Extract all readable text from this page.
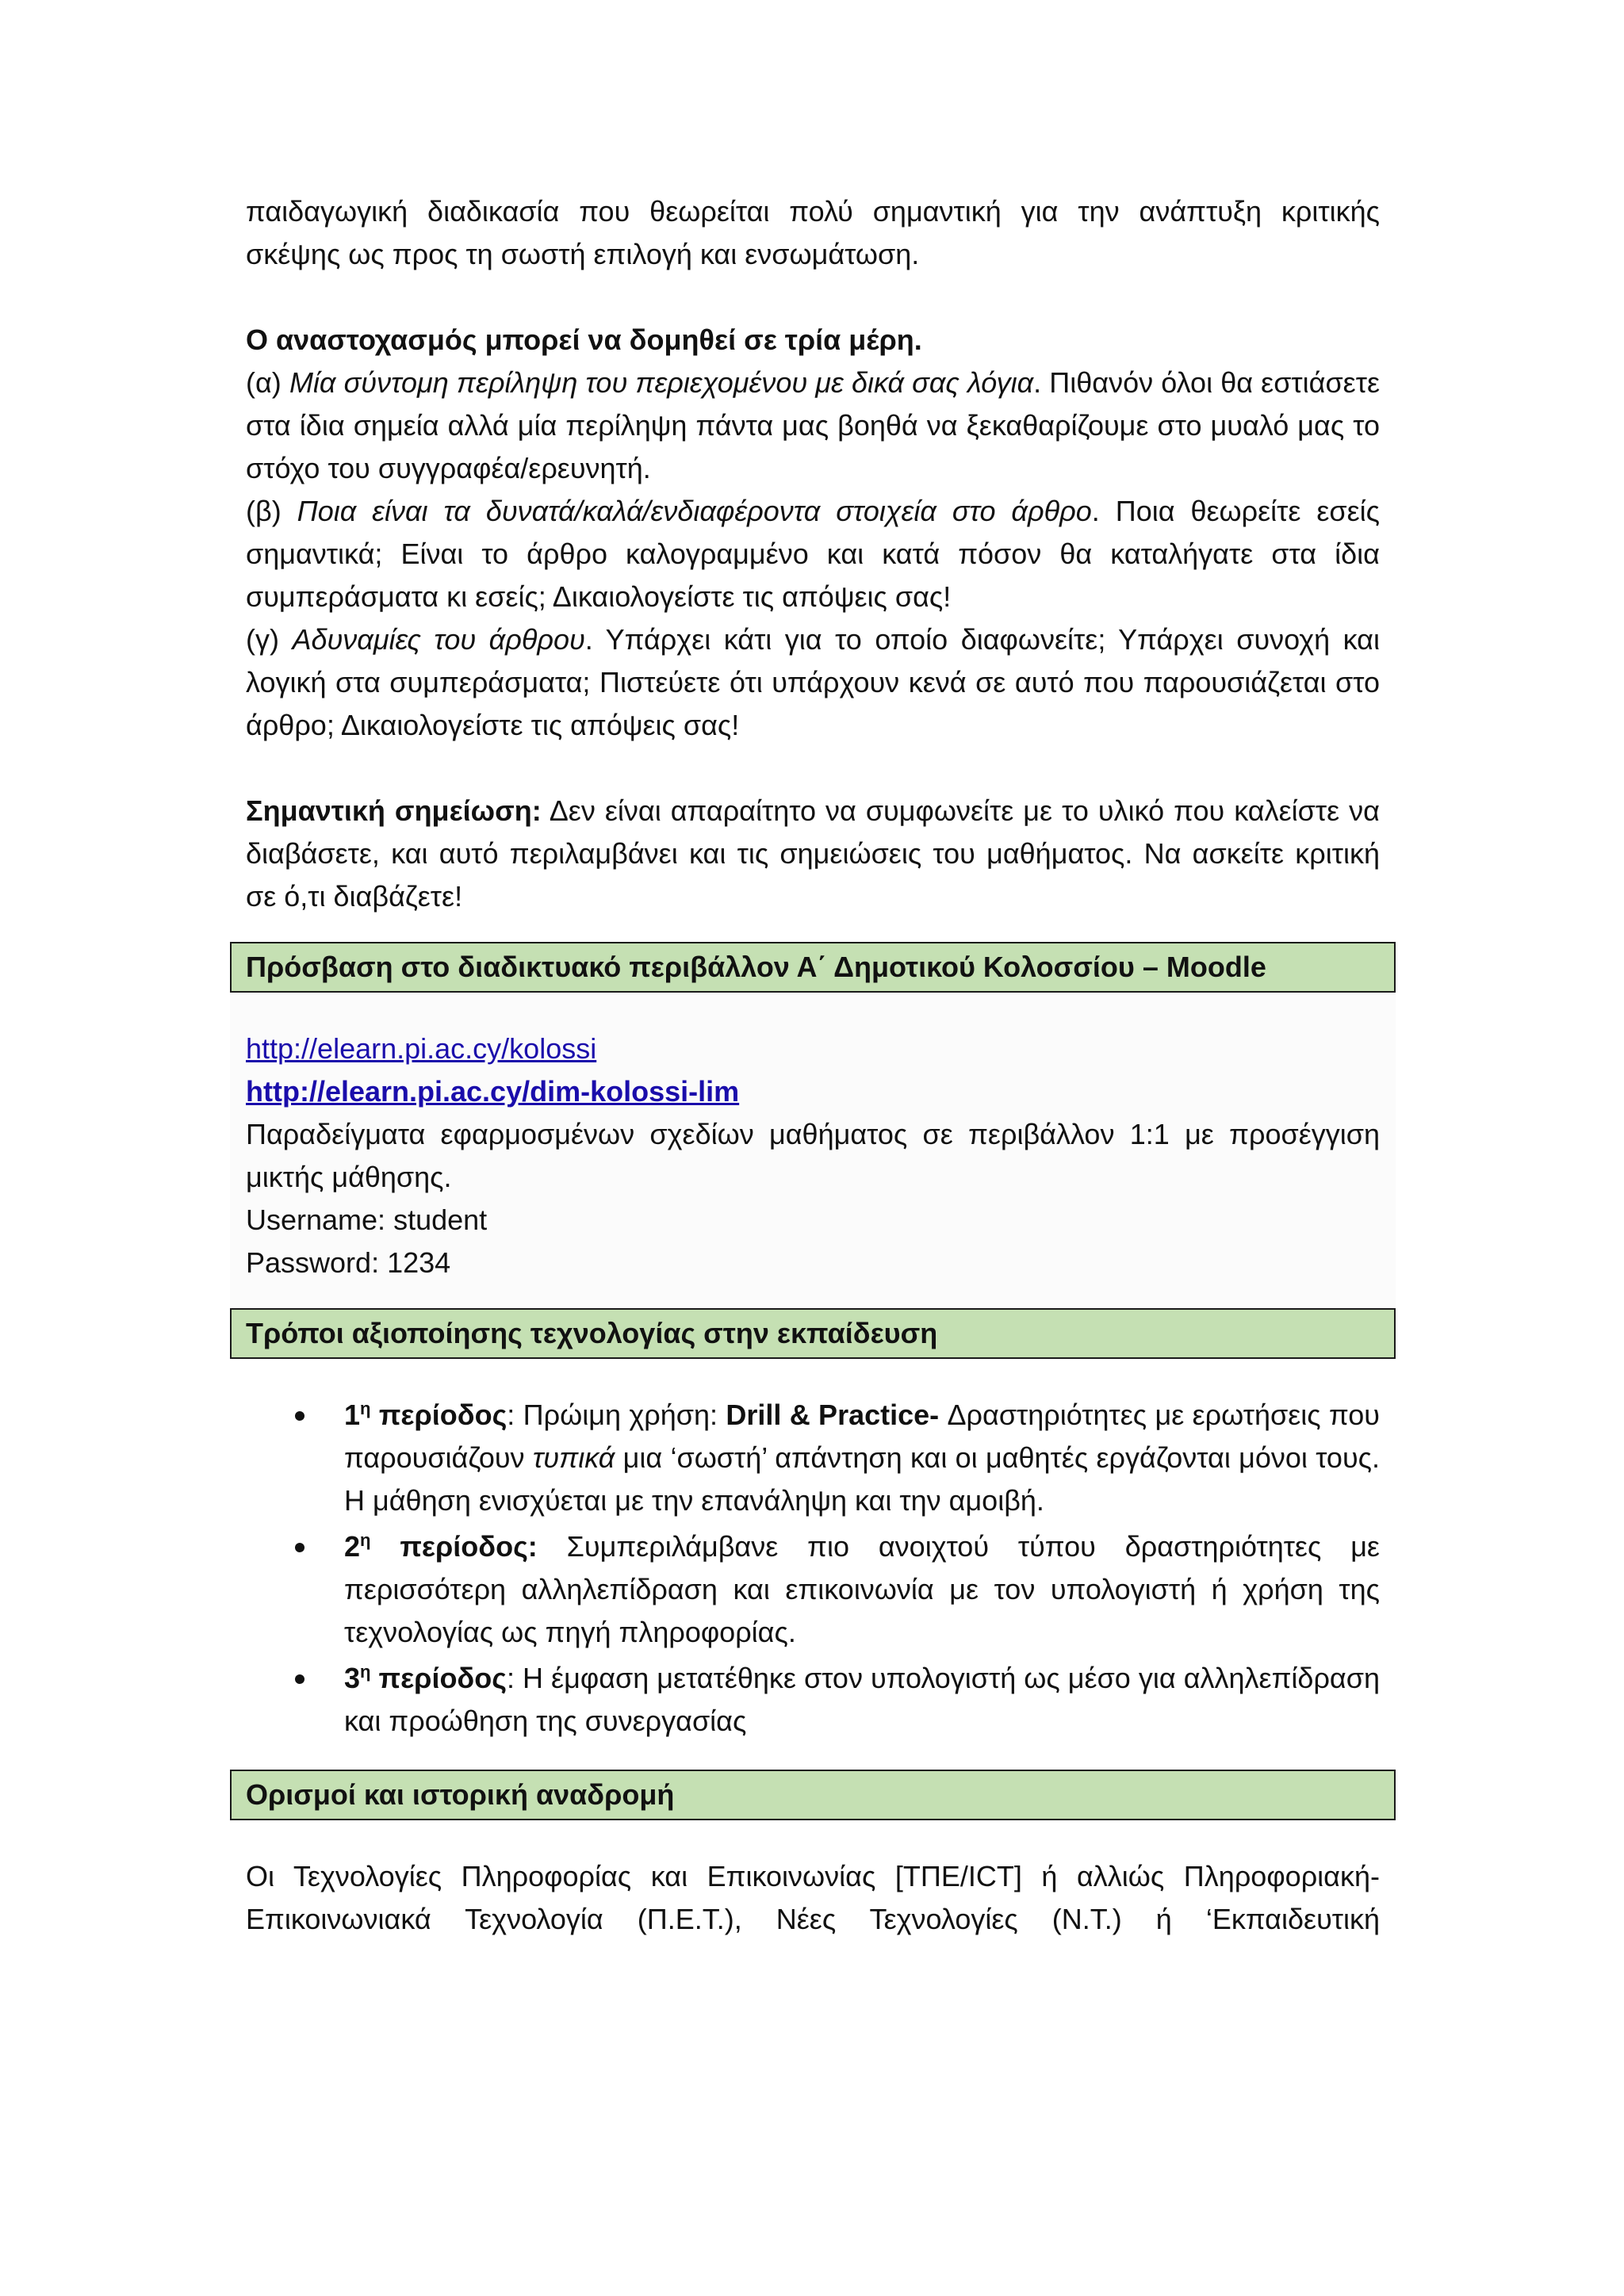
παιδαγωγική διαδικασία που θεωρείται πολύ σημαντική για την ανάπτυξη κριτικής

σκέψης ως προς τη σωστή επιλογή και ενσωμάτωση.

Ο αναστοχασμός μπορεί να δομηθεί σε τρία μέρη.

(α) Μία σύντομη περίληψη του περιεχομένου με δικά σας λόγια. Πιθανόν όλοι θα εστιάσετε στα ίδια σημεία αλλά μία περίληψη πάντα μας βοηθά να ξεκαθαρίζουμε στο μυαλό μας το στόχο του συγγραφέα/ερευνητή.

(β) Ποια είναι τα δυνατά/καλά/ενδιαφέροντα στοιχεία στο άρθρο. Ποια θεωρείτε εσείς σημαντικά; Είναι το άρθρο καλογραμμένο και κατά πόσον θα καταλήγατε στα ίδια συμπεράσματα κι εσείς; Δικαιολογείστε τις απόψεις σας!

(γ) Αδυναμίες του άρθρου. Υπάρχει κάτι για το οποίο διαφωνείτε; Υπάρχει συνοχή και λογική στα συμπεράσματα; Πιστεύετε ότι υπάρχουν κενά σε αυτό που παρουσιάζεται στο άρθρο; Δικαιολογείστε τις απόψεις σας!

Σημαντική σημείωση: Δεν είναι απαραίτητο να συμφωνείτε με το υλικό που καλείστε να διαβάσετε, και αυτό περιλαμβάνει και τις σημειώσεις του μαθήματος. Να ασκείτε κριτική σε ό,τι διαβάζετε!

Πρόσβαση στο διαδικτυακό περιβάλλον Α΄ Δημοτικού Κολοσσίου – Moodle

http://elearn.pi.ac.cy/kolossi

http://elearn.pi.ac.cy/dim-kolossi-lim

Παραδείγματα εφαρμοσμένων σχεδίων μαθήματος σε περιβάλλον 1:1 με προσέγγιση μικτής μάθησης.

Username: student

Password: 1234

Τρόποι αξιοποίησης τεχνολογίας στην εκπαίδευση
$1^\eta$ περίοδος: Πρώιμη χρήση: Drill & Practice- Δραστηριότητες με ερωτήσεις που παρουσιάζουν τυπικά μια ‘σωστή’ απάντηση και οι μαθητές εργάζονται μόνοι τους. Η μάθηση ενισχύεται με την επανάληψη και την αμοιβή.
$2^\eta$ περίοδος: Συμπεριλάμβανε πιο ανοιχτού τύπου δραστηριότητες με περισσότερη αλληλεπίδραση και επικοινωνία με τον υπολογιστή ή χρήση της τεχνολογίας ως πηγή πληροφορίας.
$3^\eta$ περίοδος: Η έμφαση μετατέθηκε στον υπολογιστή ως μέσο για αλληλεπίδραση και προώθηση της συνεργασίας
Ορισμοί και ιστορική αναδρομή

Οι Τεχνολογίες Πληροφορίας και Επικοινωνίας [ΤΠΕ/ICT] ή αλλιώς Πληροφοριακή-

Επικοινωνιακά Τεχνολογία (Π.Ε.Τ.), Νέες Τεχνολογίες (Ν.Τ.) ή ‘Εκπαιδευτική
